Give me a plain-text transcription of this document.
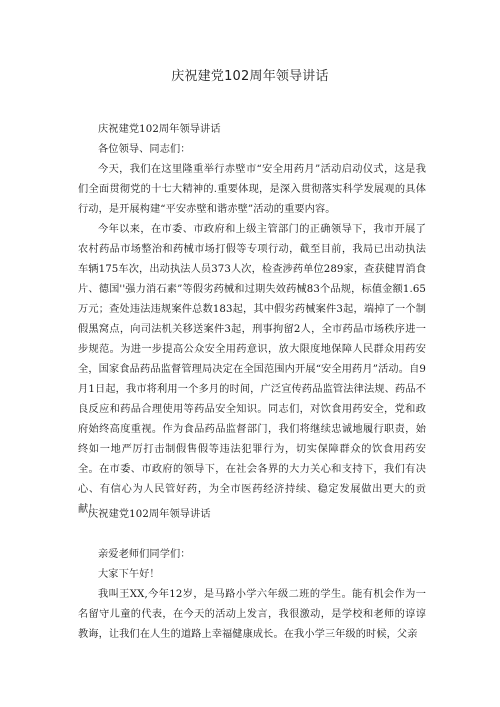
庆祝建党102周年领导讲话
庆祝建党102周年领导讲话
各位领导、同志们：

今天，我们在这里隆重举行赤壁市“安全用药月”活动启动仪式，这是我们全面贯彻党的十七大精神的.重要体现，是深入贯彻落实科学发展观的具体行动，是开展构建“平安赤壁和谐赤壁”活动的重要内容。

今年以来，在市委、市政府和上级主管部门的正确领导下，我市开展了农村药品市场整治和药械市场打假等专项行动，截至目前，我局已出动执法车辆175车次，出动执法人员373人次，检查涉药单位289家，查获健胃消食片、德国''强力消石素”等假劣药械和过期失效药械83个品规，标值金额1.65万元；查处违法违规案件总数183起，其中假劣药械案件3起，端掉了一个制假黑窝点，向司法机关移送案件3起，刑事拘留2人，全市药品市场秩序进一步规范。为进一步提高公众安全用药意识，放大限度地保障人民群众用药安全，国家食品药品监督管理局决定在全国范围内开展“安全用药月”活动。自9月1日起，我市将利用一个多月的时间，广泛宣传药品监管法律法规、药品不良反应和药品合理使用等药品安全知识。同志们，对饮食用药安全，党和政府始终高度重视。作为食品药品监督部门，我们将继续忠诚地履行职责，始终如一地严厉打击制假售假等违法犯罪行为，切实保障群众的饮食用药安全。在市委、市政府的领导下，在社会各界的大力关心和支持下，我们有决心、有信心为人民管好药，为全市医药经济持续、稳定发展做出更大的贡献！

庆祝建党102周年领导讲话
亲爱老师们同学们：
大家下午好！

我叫王XX,今年12岁，是马路小学六年级二班的学生。能有机会作为一名留守儿童的代表，在今天的活动上发言，我很激动，是学校和老师的谆谆教诲，让我们在人生的道路上幸福健康成长。在我小学三年级的时候，父亲
